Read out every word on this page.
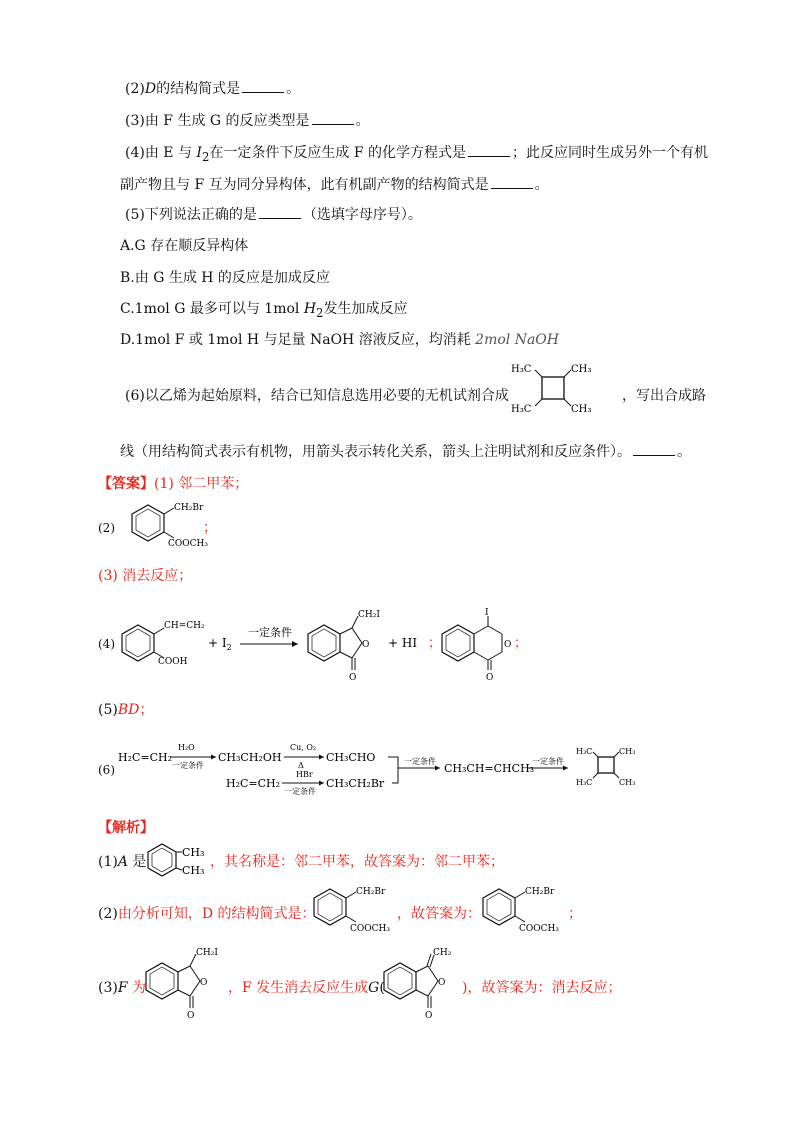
(2)D的结构简式是	。
(3)由 F 生成 G 的反应类型是	。
(4)由 E 与 $I_2$在一定条件下反应生成 F 的化学方程式是	；此反应同时生成另外一个有机
副产物且与 F 互为同分异构体，此有机副产物的结构简式是	。
(5)下列说法正确的是	（选填字母序号）。
A.G 存在顺反异构体
B.由 G 生成 H 的反应是加成反应
C.1mol G 最多可以与 1mol $H_2$发生加成反应
D.1mol F 或 1mol H 与足量 NaOH 溶液反应，均消耗 2mol NaOH
(6)以乙烯为起始原料，结合已知信息选用必要的无机试剂合成
H₃C	CH₃
H₃C	CH₃
，写出合成路
线（用结构简式表示有机物，用箭头表示转化关系，箭头上注明试剂和反应条件）。	。
【答案】(1) 邻二甲苯；
(2)
CH₂Br
COOCH₃
；
(3) 消去反应；
(4)
CH=CH₂
COOH
+ $I_2$
一定条件
CH₂I
O
O
+ HI ；
I
O
O
；
(5)BD；
(6)
H₂C=CH₂
H₂O
一定条件
CH₃CH₂OH
Cu, O₂
Δ
CH₃CHO
H₂C=CH₂
HBr
一定条件
CH₃CH₂Br
一定条件
CH₃CH=CHCH₃
一定条件
H₃C	CH₃
H₃C	CH₃
【解析】
(1)A 是
CH₃
CH₃
，其名称是：邻二甲苯，故答案为：邻二甲苯；
(2)由分析可知，D 的结构简式是：
CH₂Br
COOCH₃
，故答案为：
CH₂Br
COOCH₃
；
(3)F 为
CH₂I
O
O
，F 发生消去反应生成G(
CH₂
O
O
)，故答案为：消去反应；
